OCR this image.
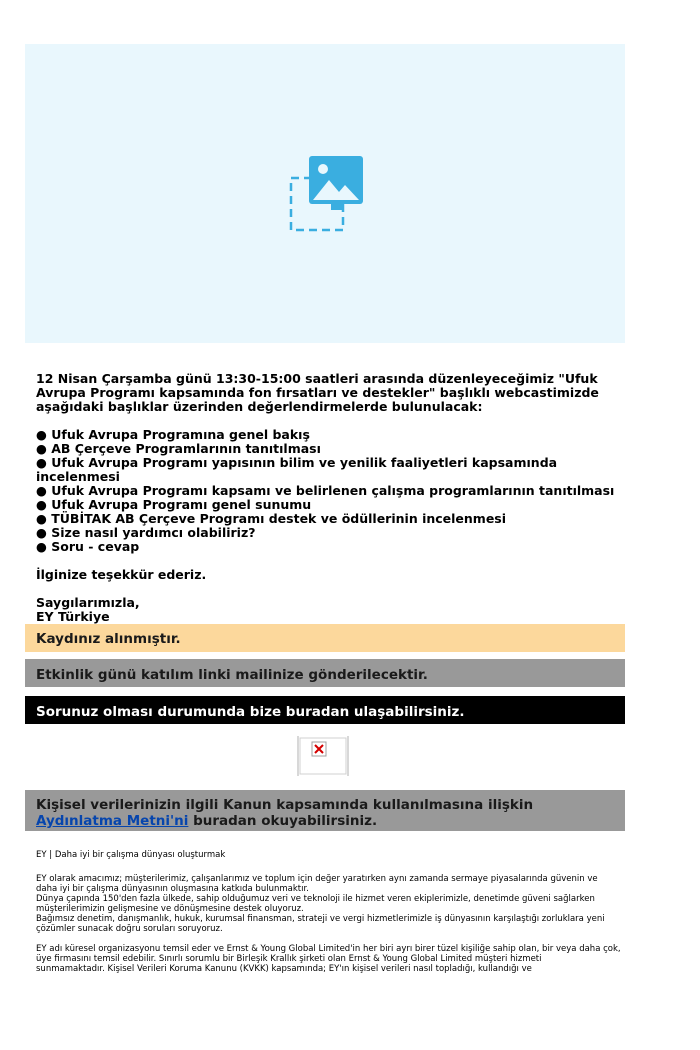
12 Nisan Çarşamba günü 13:30-15:00 saatleri arasında düzenleyeceğimiz "Ufuk Avrupa Programı kapsamında fon fırsatları ve destekler" başlıklı webcastimizde aşağıdaki başlıklar üzerinden değerlendirmelerde bulunulacak:

● Ufuk Avrupa Programına genel bakış
● AB Çerçeve Programlarının tanıtılması
● Ufuk Avrupa Programı yapısının bilim ve yenilik faaliyetleri kapsamında incelenmesi
● Ufuk Avrupa Programı kapsamı ve belirlenen çalışma programlarının tanıtılması
● Ufuk Avrupa Programı genel sunumu
● TÜBİTAK AB Çerçeve Programı destek ve ödüllerinin incelenmesi
● Size nasıl yardımcı olabiliriz?
● Soru - cevap

İlginize teşekkür ederiz.

Saygılarımızla,
EY Türkiye

Kaydınız alınmıştır.
Etkinlik günü katılım linki mailinize gönderilecektir.
Sorunuz olması durumunda bize buradan ulaşabilirsiniz.
Kişisel verilerinizin ilgili Kanun kapsamında kullanılmasına ilişkin Aydınlatma Metni'ni buradan okuyabilirsiniz.

EY | Daha iyi bir çalışma dünyası oluşturmak

EY olarak amacımız; müşterilerimiz, çalışanlarımız ve toplum için değer yaratırken aynı zamanda sermaye piyasalarında güvenin ve
daha iyi bir çalışma dünyasının oluşmasına katkıda bulunmaktır.
Dünya çapında 150'den fazla ülkede, sahip olduğumuz veri ve teknoloji ile hizmet veren ekiplerimizle, denetimde güveni sağlarken
müşterilerimizin gelişmesine ve dönüşmesine destek oluyoruz.
Bağımsız denetim, danışmanlık, hukuk, kurumsal finansman, strateji ve vergi hizmetlerimizle iş dünyasının karşılaştığı zorluklara yeni
çözümler sunacak doğru soruları soruyoruz.

EY adı küresel organizasyonu temsil eder ve Ernst & Young Global Limited'in her biri ayrı birer tüzel kişiliğe sahip olan, bir veya daha çok,
üye firmasını temsil edebilir. Sınırlı sorumlu bir Birleşik Krallık şirketi olan Ernst & Young Global Limited müşteri hizmeti
sunmamaktadır. Kişisel Verileri Koruma Kanunu (KVKK) kapsamında; EY'ın kişisel verileri nasıl topladığı, kullandığı ve
